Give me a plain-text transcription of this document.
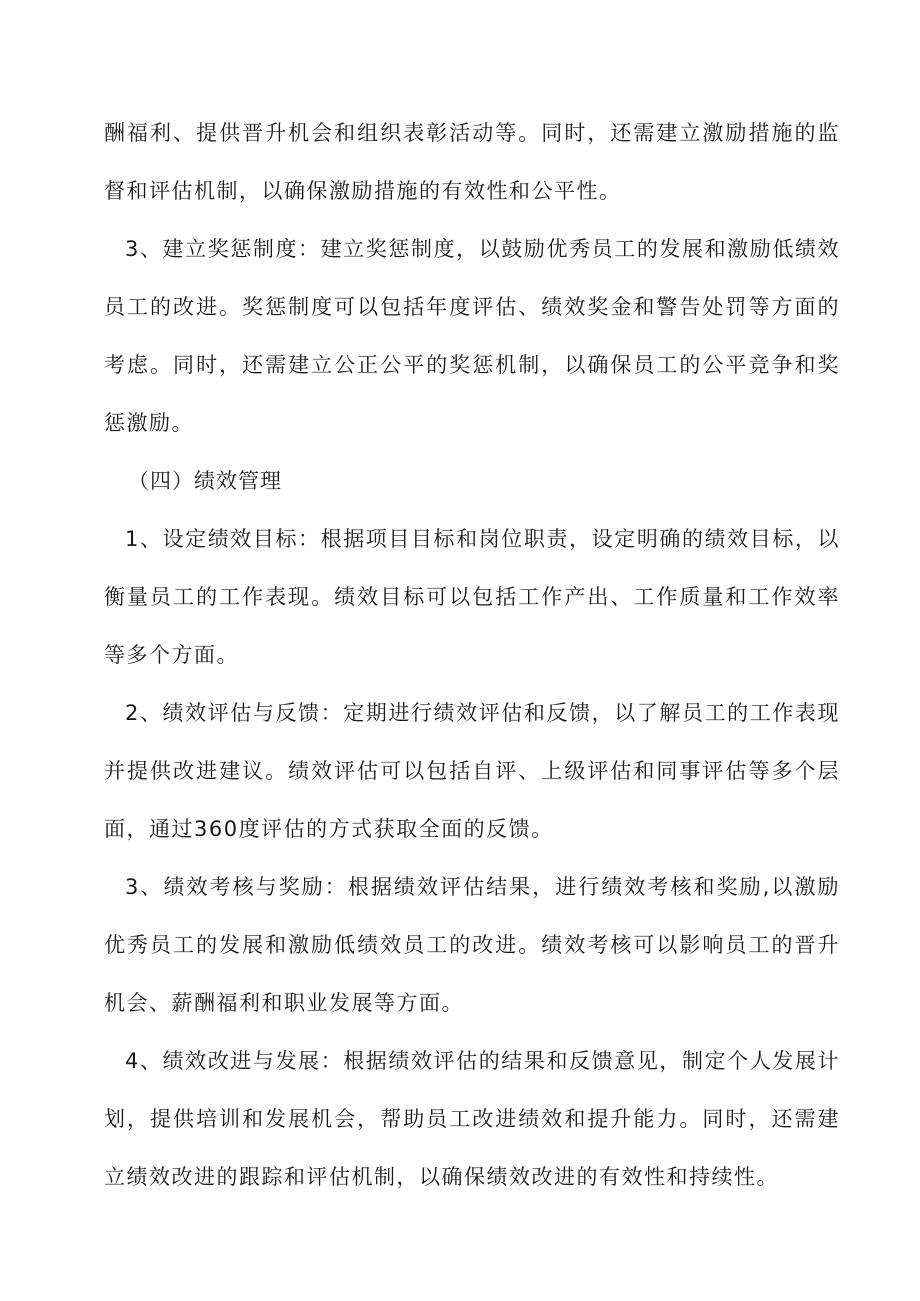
酬福利、提供晋升机会和组织表彰活动等。同时，还需建立激励措施的监督和评估机制，以确保激励措施的有效性和公平性。

3、建立奖惩制度：建立奖惩制度，以鼓励优秀员工的发展和激励低绩效员工的改进。奖惩制度可以包括年度评估、绩效奖金和警告处罚等方面的考虑。同时，还需建立公正公平的奖惩机制，以确保员工的公平竞争和奖惩激励。

（四）绩效管理

1、设定绩效目标：根据项目目标和岗位职责，设定明确的绩效目标，以衡量员工的工作表现。绩效目标可以包括工作产出、工作质量和工作效率等多个方面。

2、绩效评估与反馈：定期进行绩效评估和反馈，以了解员工的工作表现并提供改进建议。绩效评估可以包括自评、上级评估和同事评估等多个层面，通过360度评估的方式获取全面的反馈。

3、绩效考核与奖励：根据绩效评估结果，进行绩效考核和奖励,以激励优秀员工的发展和激励低绩效员工的改进。绩效考核可以影响员工的晋升机会、薪酬福利和职业发展等方面。

4、绩效改进与发展：根据绩效评估的结果和反馈意见，制定个人发展计划，提供培训和发展机会，帮助员工改进绩效和提升能力。同时，还需建立绩效改进的跟踪和评估机制，以确保绩效改进的有效性和持续性。
